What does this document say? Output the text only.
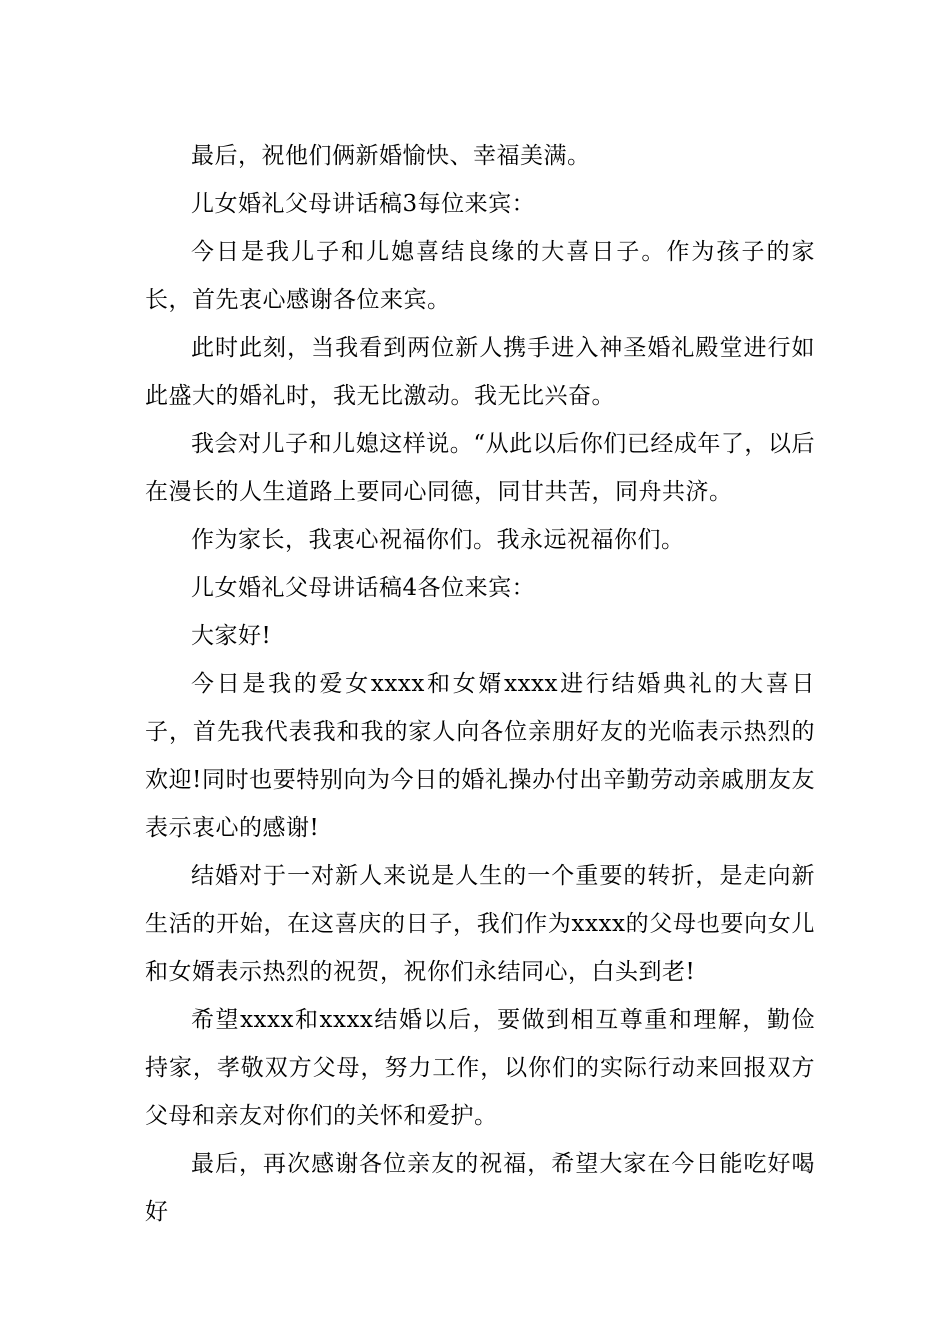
最后，祝他们俩新婚愉快、幸福美满。

儿女婚礼父母讲话稿3每位来宾：

今日是我儿子和儿媳喜结良缘的大喜日子。作为孩子的家长，首先衷心感谢各位来宾。

此时此刻，当我看到两位新人携手进入神圣婚礼殿堂进行如此盛大的婚礼时，我无比激动。我无比兴奋。

我会对儿子和儿媳这样说。“从此以后你们已经成年了，以后在漫长的人生道路上要同心同德，同甘共苦，同舟共济。

作为家长，我衷心祝福你们。我永远祝福你们。

儿女婚礼父母讲话稿4各位来宾：

大家好!

今日是我的爱女xxxx和女婿xxxx进行结婚典礼的大喜日子，首先我代表我和我的家人向各位亲朋好友的光临表示热烈的欢迎!同时也要特别向为今日的婚礼操办付出辛勤劳动亲戚朋友友表示衷心的感谢!

结婚对于一对新人来说是人生的一个重要的转折，是走向新生活的开始，在这喜庆的日子，我们作为xxxx的父母也要向女儿和女婿表示热烈的祝贺，祝你们永结同心，白头到老!

希望xxxx和xxxx结婚以后，要做到相互尊重和理解，勤俭持家，孝敬双方父母，努力工作，以你们的实际行动来回报双方父母和亲友对你们的关怀和爱护。

最后，再次感谢各位亲友的祝福，希望大家在今日能吃好喝好
